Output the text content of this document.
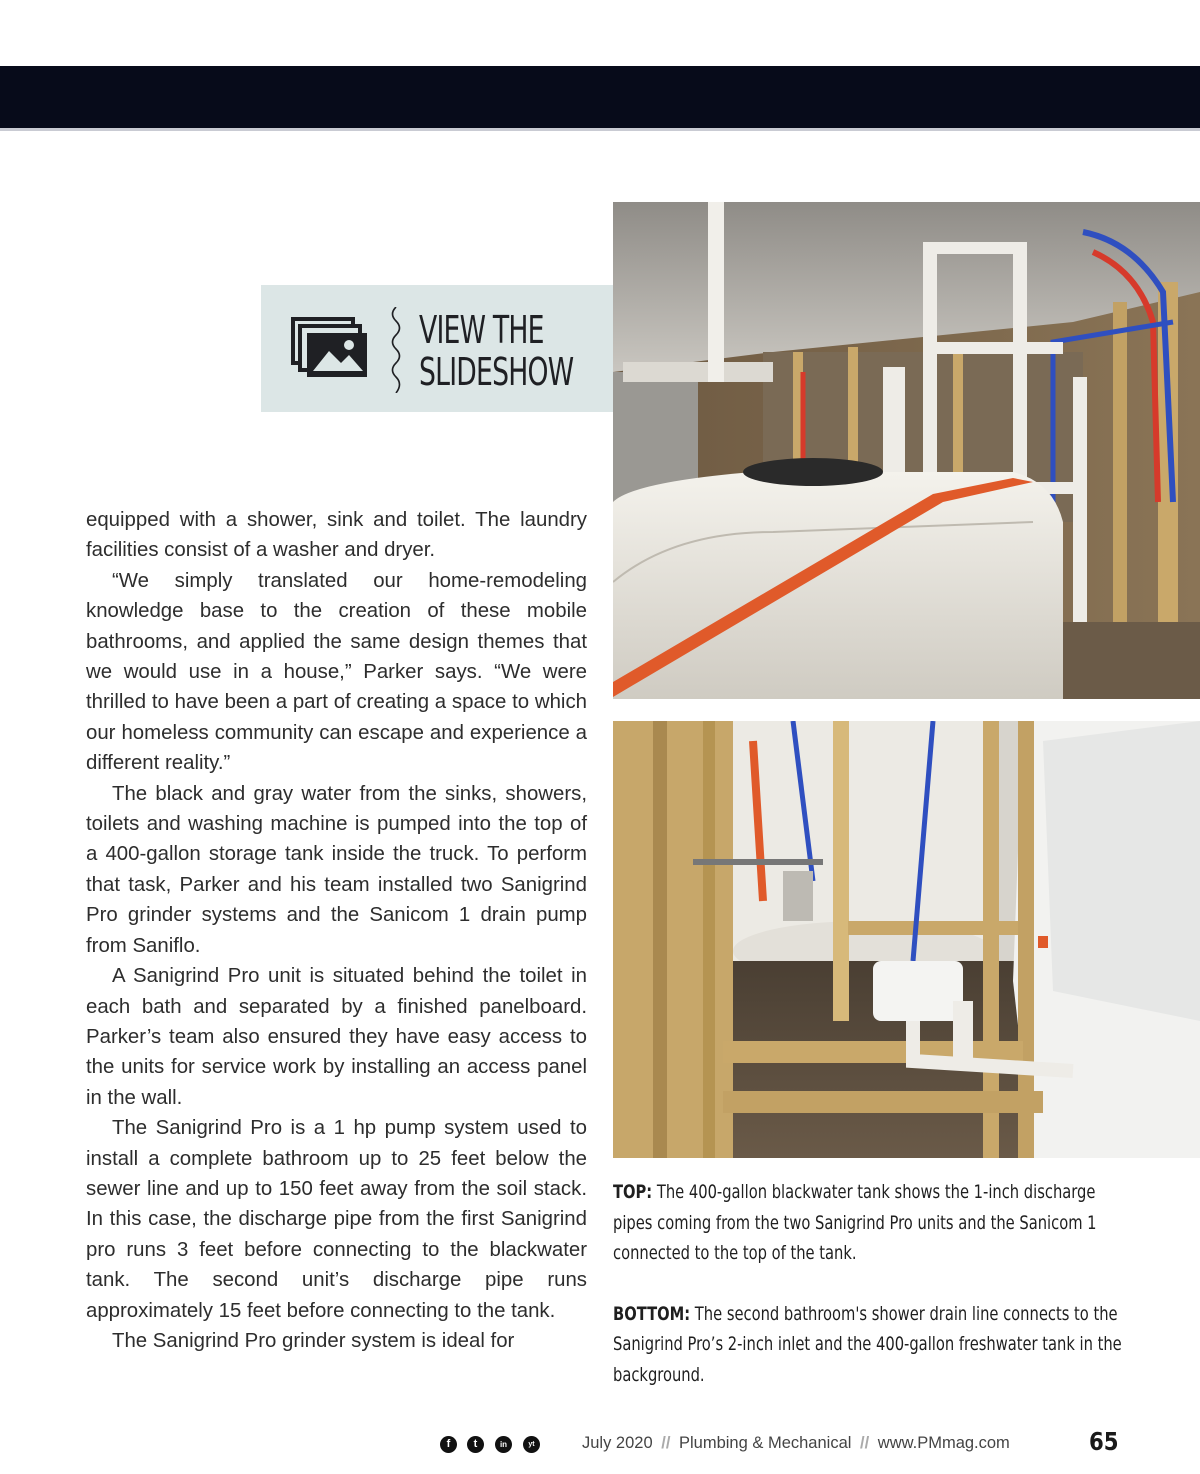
VIEW THE
SLIDESHOW

equipped with a shower, sink and toilet. The laundry facilities consist of a washer and dryer.

“We simply translated our home-remodeling knowledge base to the creation of these mobile bathrooms, and applied the same design themes that we would use in a house,” Parker says. “We were thrilled to have been a part of creating a space to which our homeless community can escape and experience a different reality.”

The black and gray water from the sinks, showers, toilets and washing machine is pumped into the top of a 400-gallon storage tank inside the truck. To perform that task, Parker and his team installed two Sanigrind Pro grinder systems and the Sanicom 1 drain pump from Saniflo.

A Sanigrind Pro unit is situated behind the toilet in each bath and separated by a finished panelboard. Parker’s team also ensured they have easy access to the units for service work by installing an access panel in the wall.

The Sanigrind Pro is a 1 hp pump system used to install a complete bathroom up to 25 feet below the sewer line and up to 150 feet away from the soil stack. In this case, the discharge pipe from the first Sanigrind pro runs 3 feet before connecting to the blackwater tank. The second unit’s discharge pipe runs approximately 15 feet before connecting to the tank.

The Sanigrind Pro grinder system is ideal for

TOP: The 400-gallon blackwater tank shows the 1-inch discharge pipes coming from the two Sanigrind Pro units and the Sanicom 1 connected to the top of the tank.
BOTTOM: The second bathroom's shower drain line connects to the Sanigrind Pro’s 2-inch inlet and the 400-gallon freshwater tank in the background.
f	t	in	yt	July 2020 // Plumbing & Mechanical // www.PMmag.com	65
